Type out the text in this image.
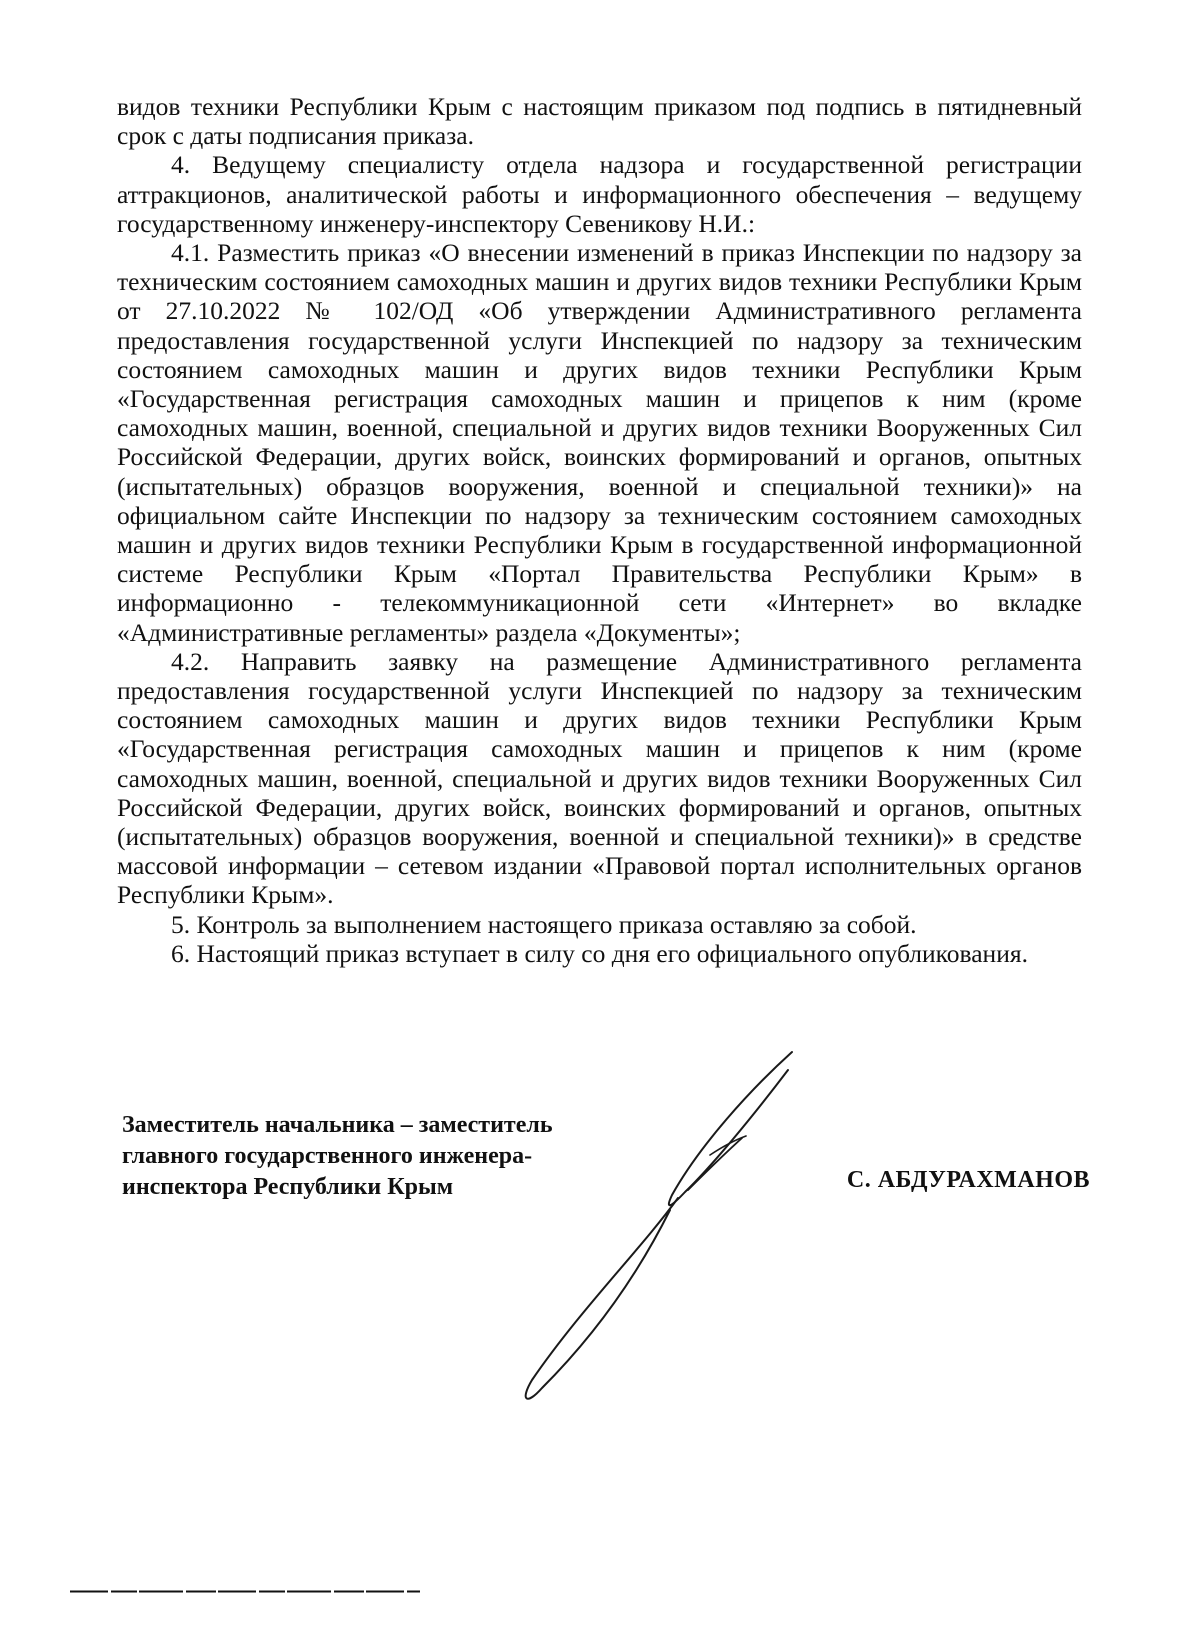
видов техники Республики Крым с настоящим приказом под подпись в пятидневный срок с даты подписания приказа.

4. Ведущему специалисту отдела надзора и государственной регистрации аттракционов, аналитической работы и информационного обеспечения – ведущему государственному инженеру-инспектору Севеникову Н.И.:

4.1. Разместить приказ «О внесении изменений в приказ Инспекции по надзору за техническим состоянием самоходных машин и других видов техники Республики Крым от 27.10.2022 № 102/ОД «Об утверждении Административного регламента предоставления государственной услуги Инспекцией по надзору за техническим состоянием самоходных машин и других видов техники Республики Крым «Государственная регистрация самоходных машин и прицепов к ним (кроме самоходных машин, военной, специальной и других видов техники Вооруженных Сил Российской Федерации, других войск, воинских формирований и органов, опытных (испытательных) образцов вооружения, военной и специальной техники)» на официальном сайте Инспекции по надзору за техническим состоянием самоходных машин и других видов техники Республики Крым в государственной информационной системе Республики Крым «Портал Правительства Республики Крым» в информационно - телекоммуникационной сети «Интернет» во вкладке «Административные регламенты» раздела «Документы»;

4.2. Направить заявку на размещение Административного регламента предоставления государственной услуги Инспекцией по надзору за техническим состоянием самоходных машин и других видов техники Республики Крым «Государственная регистрация самоходных машин и прицепов к ним (кроме самоходных машин, военной, специальной и других видов техники Вооруженных Сил Российской Федерации, других войск, воинских формирований и органов, опытных (испытательных) образцов вооружения, военной и специальной техники)» в средстве массовой информации – сетевом издании «Правовой портал исполнительных органов Республики Крым».

5. Контроль за выполнением настоящего приказа оставляю за собой.

6. Настоящий приказ вступает в силу со дня его официального опубликования.

Заместитель начальника – заместитель
главного государственного инженера-
инспектора Республики Крым	С. АБДУРАХМАНОВ
